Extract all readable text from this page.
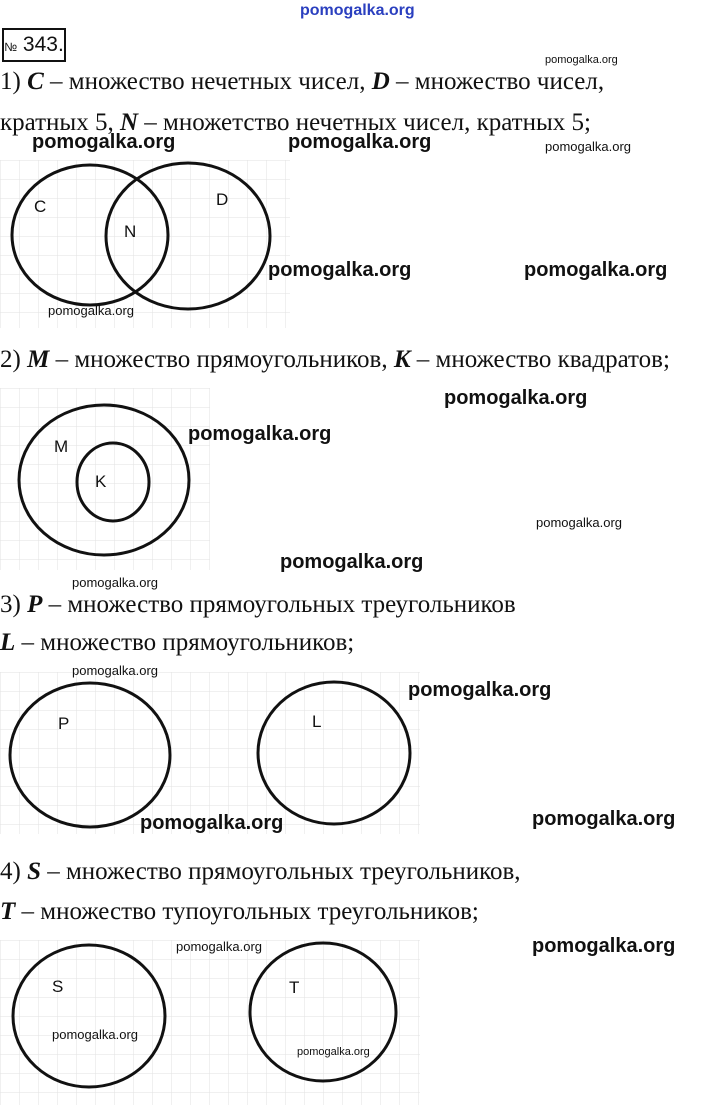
pomogalka.org
№ 343.
1) C – множество нечетных чисел, D – множество чисел,
кратных 5, N – множетство нечетных чисел, кратных 5;
C	D
N
pomogalka.org	pomogalka.org
pomogalka.org
pomogalka.org
pomogalka.org	pomogalka.org
pomogalka.org
2) M – множество прямоугольников, K – множество квадратов;
M
K
pomogalka.org
pomogalka.org
pomogalka.org
pomogalka.org
pomogalka.org
3) P – множество прямоугольных треугольников
L – множество прямоугольников;
P	L
pomogalka.org
pomogalka.org
pomogalka.org	pomogalka.org
4) S – множество прямоугольных треугольников,
T – множество тупоугольных треугольников;
S	T
pomogalka.org	pomogalka.org
pomogalka.org
pomogalka.org
